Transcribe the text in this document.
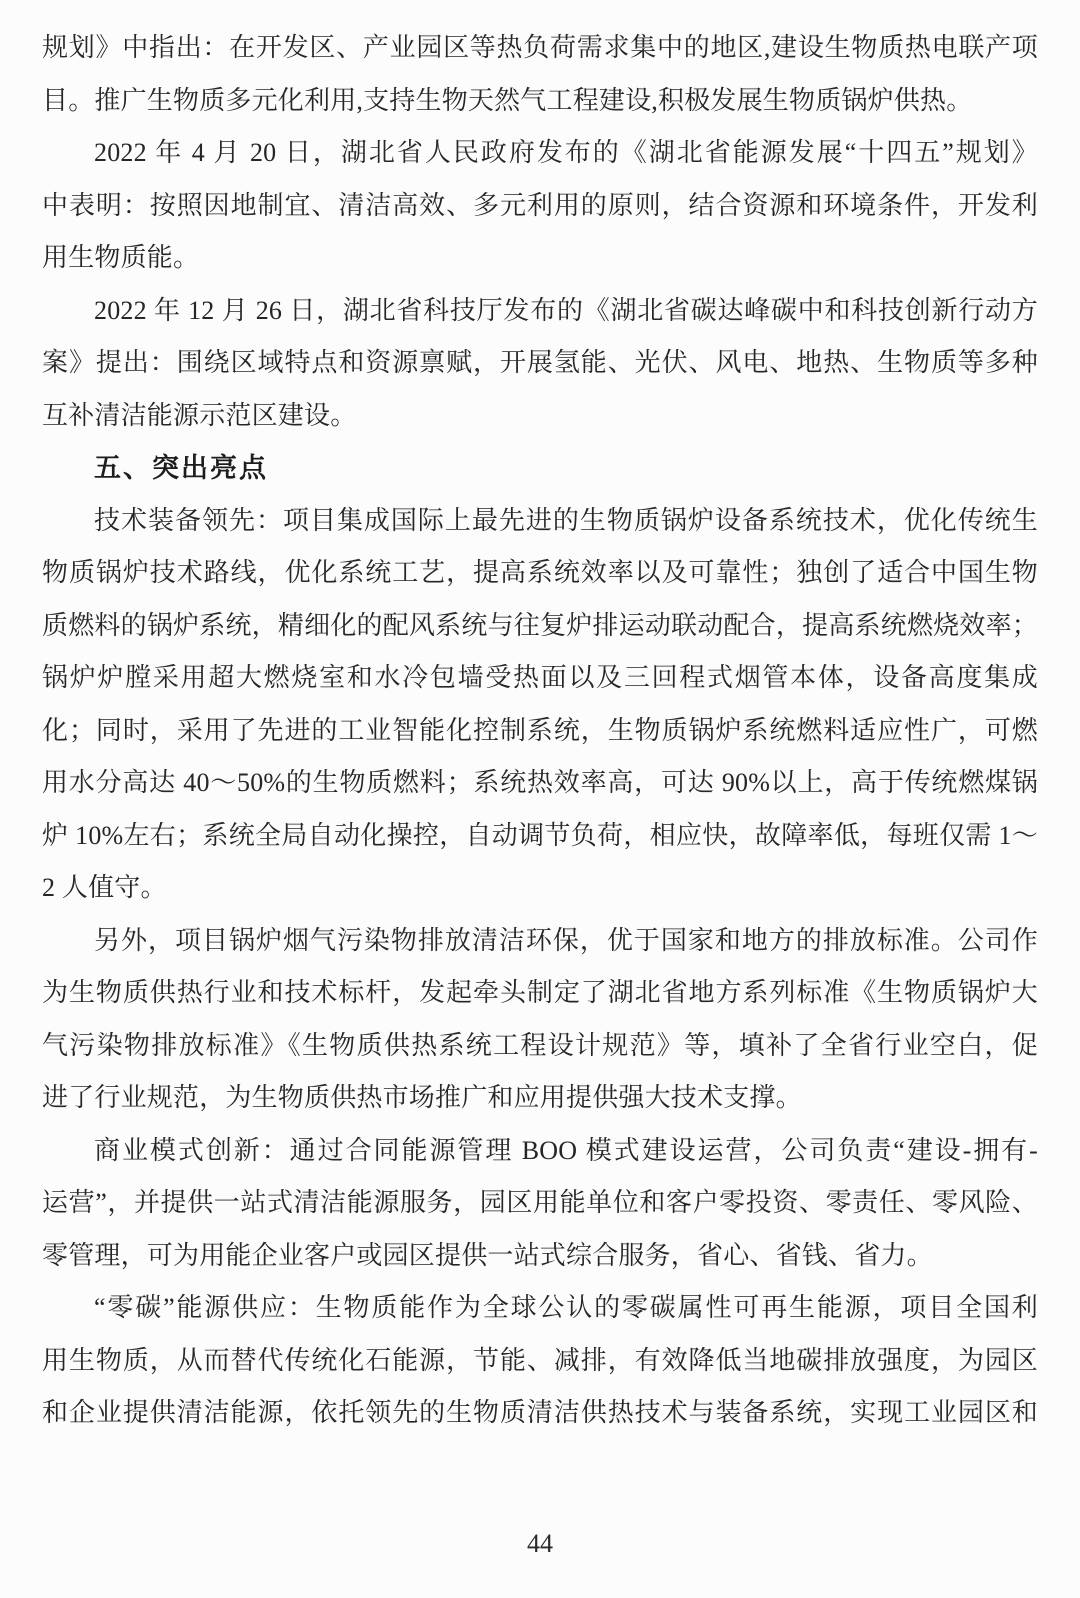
规划》中指出：在开发区、产业园区等热负荷需求集中的地区,建设生物质热电联产项
目。推广生物质多元化利用,支持生物天然气工程建设,积极发展生物质锅炉供热。
2022 年 4 月 20 日，湖北省人民政府发布的《湖北省能源发展“十四五”规划》
中表明：按照因地制宜、清洁高效、多元利用的原则，结合资源和环境条件，开发利
用生物质能。
2022 年 12 月 26 日，湖北省科技厅发布的《湖北省碳达峰碳中和科技创新行动方
案》提出：围绕区域特点和资源禀赋，开展氢能、光伏、风电、地热、生物质等多种
互补清洁能源示范区建设。
五、突出亮点
技术装备领先：项目集成国际上最先进的生物质锅炉设备系统技术，优化传统生
物质锅炉技术路线，优化系统工艺，提高系统效率以及可靠性；独创了适合中国生物
质燃料的锅炉系统，精细化的配风系统与往复炉排运动联动配合，提高系统燃烧效率；
锅炉炉膛采用超大燃烧室和水冷包墙受热面以及三回程式烟管本体，设备高度集成
化；同时，采用了先进的工业智能化控制系统，生物质锅炉系统燃料适应性广，可燃
用水分高达 40～50%的生物质燃料；系统热效率高，可达 90%以上，高于传统燃煤锅
炉 10%左右；系统全局自动化操控，自动调节负荷，相应快，故障率低，每班仅需 1～
2 人值守。
另外，项目锅炉烟气污染物排放清洁环保，优于国家和地方的排放标准。公司作
为生物质供热行业和技术标杆，发起牵头制定了湖北省地方系列标准《生物质锅炉大
气污染物排放标准》《生物质供热系统工程设计规范》等，填补了全省行业空白，促
进了行业规范，为生物质供热市场推广和应用提供强大技术支撑。
商业模式创新：通过合同能源管理 BOO 模式建设运营，公司负责“建设-拥有-
运营”，并提供一站式清洁能源服务，园区用能单位和客户零投资、零责任、零风险、
零管理，可为用能企业客户或园区提供一站式综合服务，省心、省钱、省力。
“零碳”能源供应：生物质能作为全球公认的零碳属性可再生能源，项目全国利
用生物质，从而替代传统化石能源，节能、减排，有效降低当地碳排放强度，为园区
和企业提供清洁能源，依托领先的生物质清洁供热技术与装备系统，实现工业园区和
44
